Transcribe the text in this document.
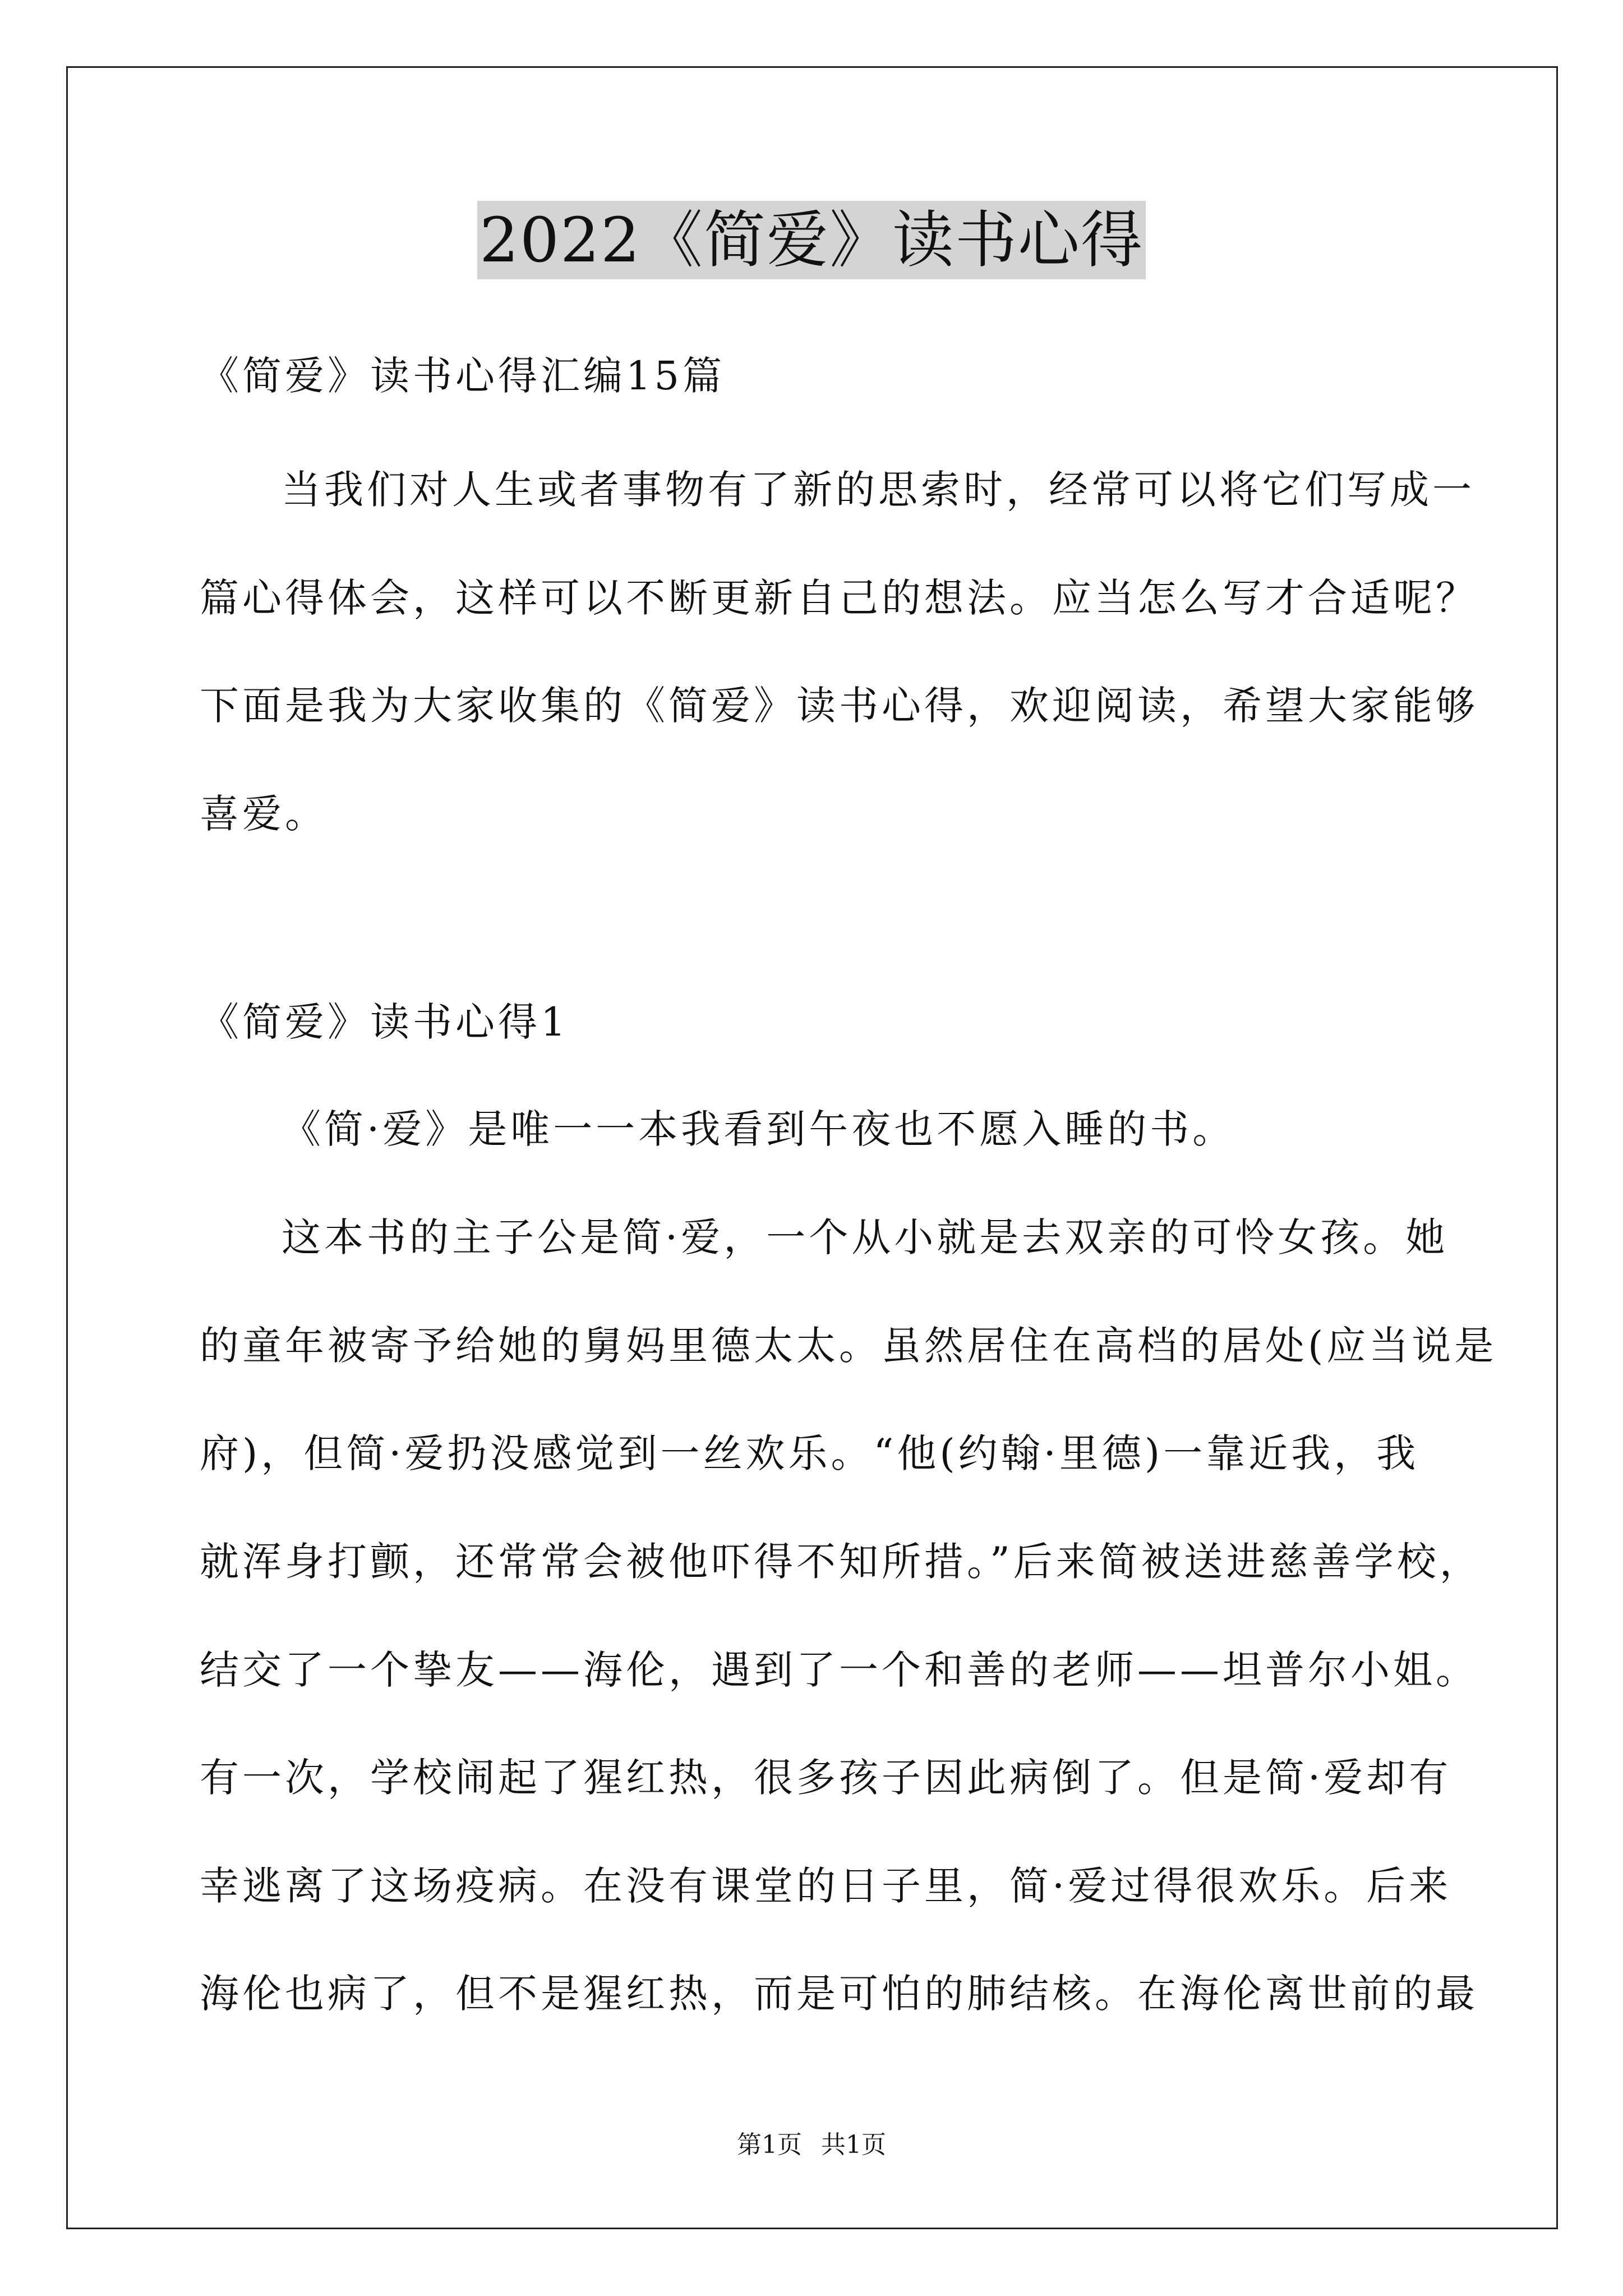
2022《简爱》读书心得
《简爱》读书心得汇编15篇
当我们对人生或者事物有了新的思索时，经常可以将它们写成一
篇心得体会，这样可以不断更新自己的想法。应当怎么写才合适呢？
下面是我为大家收集的《简爱》读书心得，欢迎阅读，希望大家能够
喜爱。
《简爱》读书心得1
《简·爱》是唯一一本我看到午夜也不愿入睡的书。
这本书的主子公是简·爱，一个从小就是去双亲的可怜女孩。她
的童年被寄予给她的舅妈里德太太。虽然居住在高档的居处(应当说是
府)，但简·爱扔没感觉到一丝欢乐。“他(约翰·里德)一靠近我，我
就浑身打颤，还常常会被他吓得不知所措。”后来简被送进慈善学校，
结交了一个挚友——海伦，遇到了一个和善的老师——坦普尔小姐。
有一次，学校闹起了猩红热，很多孩子因此病倒了。但是简·爱却有
幸逃离了这场疫病。在没有课堂的日子里，简·爱过得很欢乐。后来
海伦也病了，但不是猩红热，而是可怕的肺结核。在海伦离世前的最
第1页 共1页
